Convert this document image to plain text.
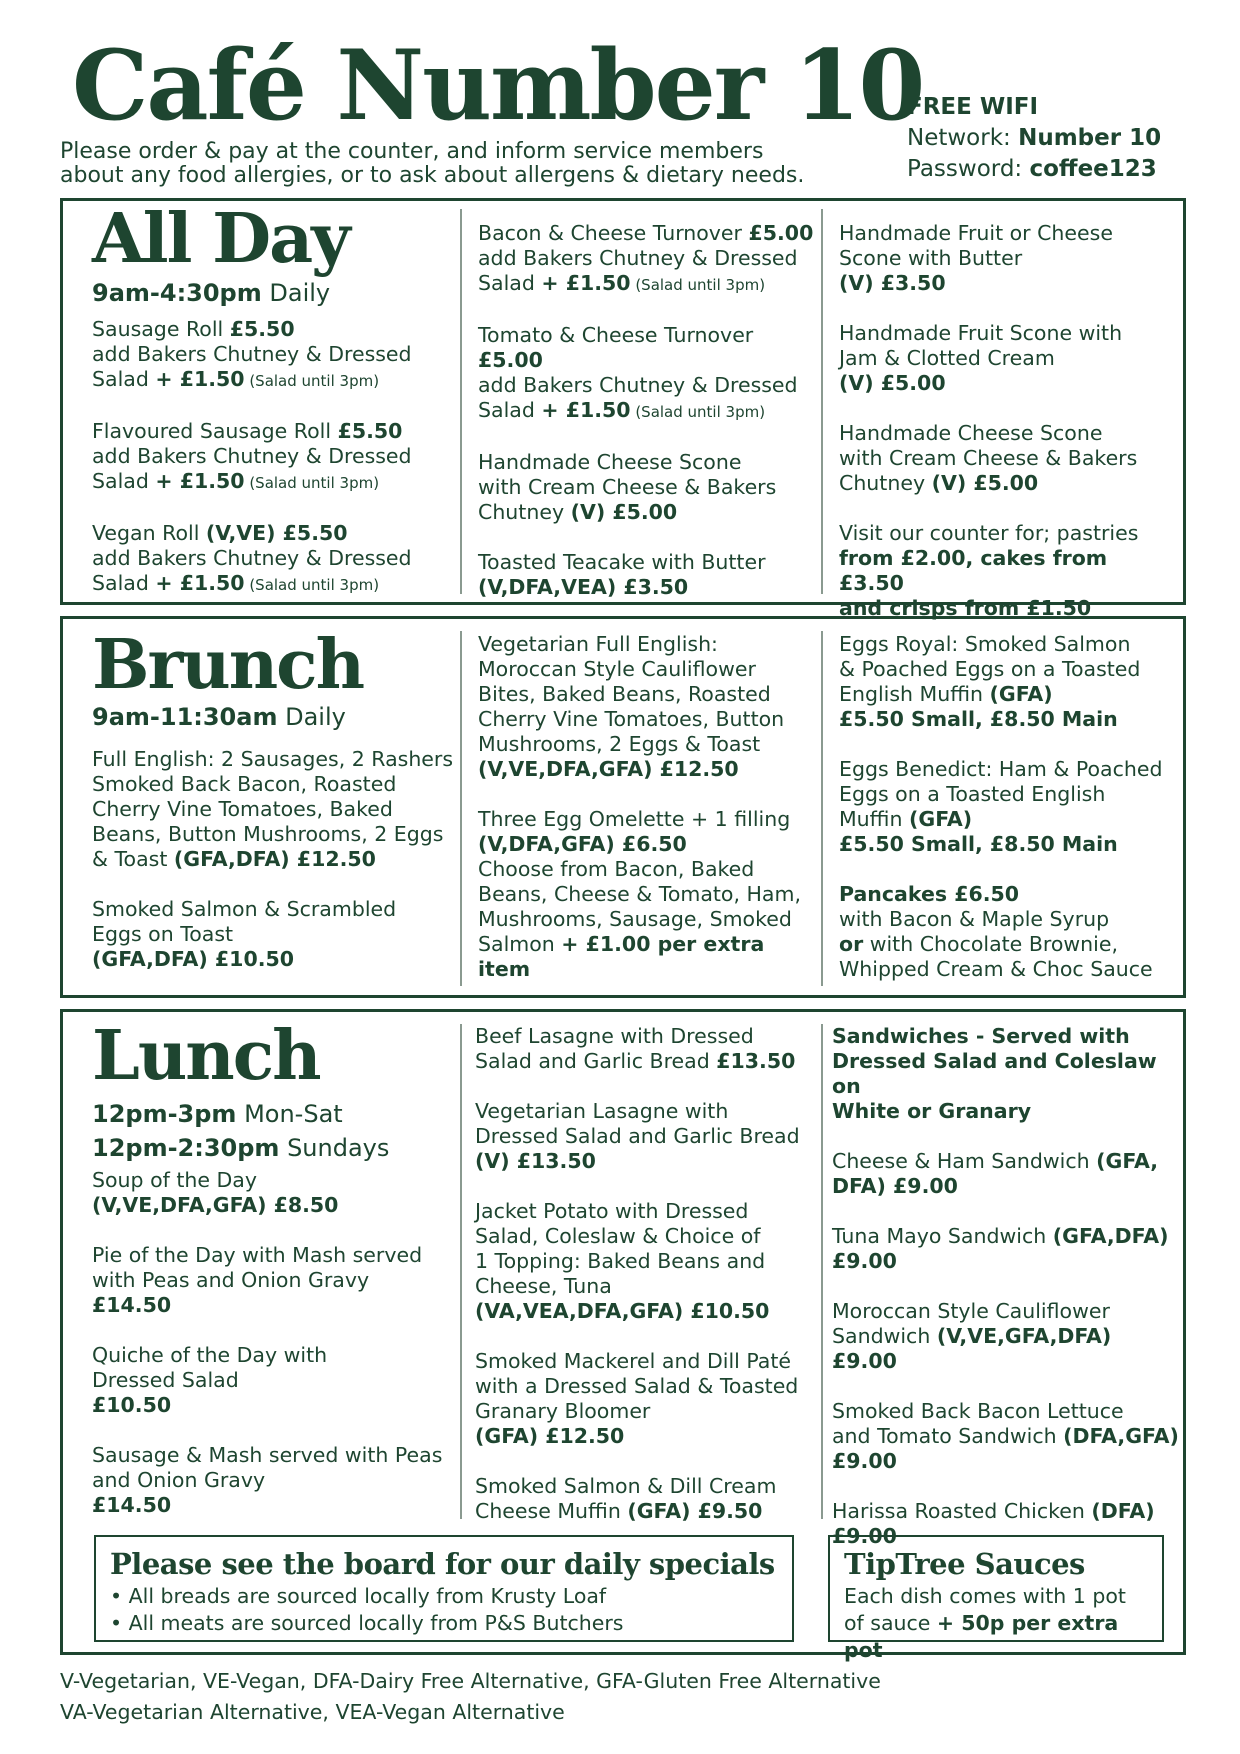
Café Number 10
Please order & pay at the counter, and inform service members
about any food allergies, or to ask about allergens & dietary needs.
FREE WIFI
Network: Number 10
Password: coffee123
All Day
9am-4:30pm Daily
Sausage Roll £5.50
add Bakers Chutney & Dressed
Salad + £1.50 (Salad until 3pm)
Flavoured Sausage Roll £5.50
add Bakers Chutney & Dressed
Salad + £1.50 (Salad until 3pm)
Vegan Roll (V,VE) £5.50
add Bakers Chutney & Dressed
Salad + £1.50 (Salad until 3pm)
Bacon & Cheese Turnover £5.00
add Bakers Chutney & Dressed
Salad + £1.50 (Salad until 3pm)
Tomato & Cheese Turnover
£5.00
add Bakers Chutney & Dressed
Salad + £1.50 (Salad until 3pm)
Handmade Cheese Scone
with Cream Cheese & Bakers
Chutney (V) £5.00
Toasted Teacake with Butter
(V,DFA,VEA) £3.50
Handmade Fruit or Cheese
Scone with Butter
(V) £3.50
Handmade Fruit Scone with
Jam & Clotted Cream
(V) £5.00
Handmade Cheese Scone
with Cream Cheese & Bakers
Chutney (V) £5.00
Visit our counter for; pastries
from £2.00, cakes from £3.50
and crisps from £1.50
Brunch
9am-11:30am Daily
Full English: 2 Sausages, 2 Rashers
Smoked Back Bacon, Roasted
Cherry Vine Tomatoes, Baked
Beans, Button Mushrooms, 2 Eggs
& Toast (GFA,DFA) £12.50
Smoked Salmon & Scrambled
Eggs on Toast
(GFA,DFA) £10.50
Vegetarian Full English:
Moroccan Style Cauliflower
Bites, Baked Beans, Roasted
Cherry Vine Tomatoes, Button
Mushrooms, 2 Eggs & Toast
(V,VE,DFA,GFA) £12.50
Three Egg Omelette + 1 filling
(V,DFA,GFA) £6.50
Choose from Bacon, Baked
Beans, Cheese & Tomato, Ham,
Mushrooms, Sausage, Smoked
Salmon + £1.00 per extra item
Eggs Royal: Smoked Salmon
& Poached Eggs on a Toasted
English Muffin (GFA)
£5.50 Small, £8.50 Main
Eggs Benedict: Ham & Poached
Eggs on a Toasted English
Muffin (GFA)
£5.50 Small, £8.50 Main
Pancakes £6.50
with Bacon & Maple Syrup
or with Chocolate Brownie,
Whipped Cream & Choc Sauce
Lunch
12pm-3pm Mon-Sat
12pm-2:30pm Sundays
Soup of the Day
(V,VE,DFA,GFA) £8.50
Pie of the Day with Mash served
with Peas and Onion Gravy
£14.50
Quiche of the Day with
Dressed Salad
£10.50
Sausage & Mash served with Peas
and Onion Gravy
£14.50
Beef Lasagne with Dressed
Salad and Garlic Bread £13.50
Vegetarian Lasagne with
Dressed Salad and Garlic Bread
(V) £13.50
Jacket Potato with Dressed
Salad, Coleslaw & Choice of
1 Topping: Baked Beans and
Cheese, Tuna
(VA,VEA,DFA,GFA) £10.50
Smoked Mackerel and Dill Paté
with a Dressed Salad & Toasted
Granary Bloomer
(GFA) £12.50
Smoked Salmon & Dill Cream
Cheese Muffin (GFA) £9.50
Sandwiches - Served with
Dressed Salad and Coleslaw on
White or Granary
Cheese & Ham Sandwich (GFA,
DFA) £9.00
Tuna Mayo Sandwich (GFA,DFA)
£9.00
Moroccan Style Cauliflower
Sandwich (V,VE,GFA,DFA)
£9.00
Smoked Back Bacon Lettuce
and Tomato Sandwich (DFA,GFA)
£9.00
Harissa Roasted Chicken (DFA)
£9.00
Please see the board for our daily specials
• All breads are sourced locally from Krusty Loaf
• All meats are sourced locally from P&S Butchers
TipTree Sauces
Each dish comes with 1 pot
of sauce + 50p per extra pot
V-Vegetarian, VE-Vegan, DFA-Dairy Free Alternative, GFA-Gluten Free Alternative
VA-Vegetarian Alternative, VEA-Vegan Alternative
